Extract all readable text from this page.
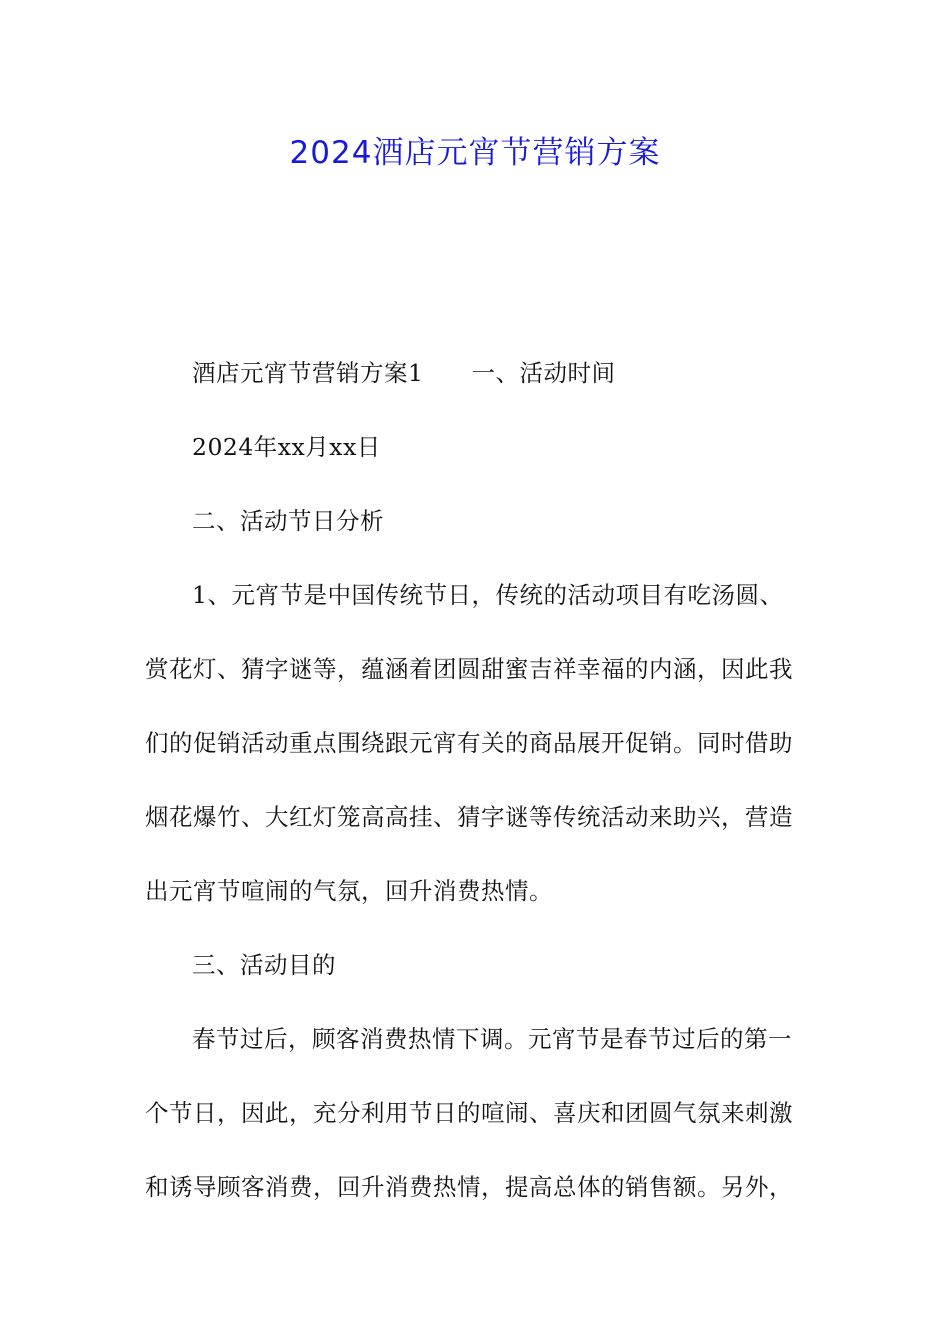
2024酒店元宵节营销方案

酒店元宵节营销方案1 一、活动时间

2024年xx月xx日

二、活动节日分析

1、元宵节是中国传统节日，传统的活动项目有吃汤圆、赏花灯、猜字谜等，蕴涵着团圆甜蜜吉祥幸福的内涵，因此我们的促销活动重点围绕跟元宵有关的商品展开促销。同时借助烟花爆竹、大红灯笼高高挂、猜字谜等传统活动来助兴，营造出元宵节喧闹的气氛，回升消费热情。

三、活动目的

春节过后，顾客消费热情下调。元宵节是春节过后的第一个节日，因此，充分利用节日的喧闹、喜庆和团圆气氛来刺激和诱导顾客消费，回升消费热情，提高总体的销售额。另外，
